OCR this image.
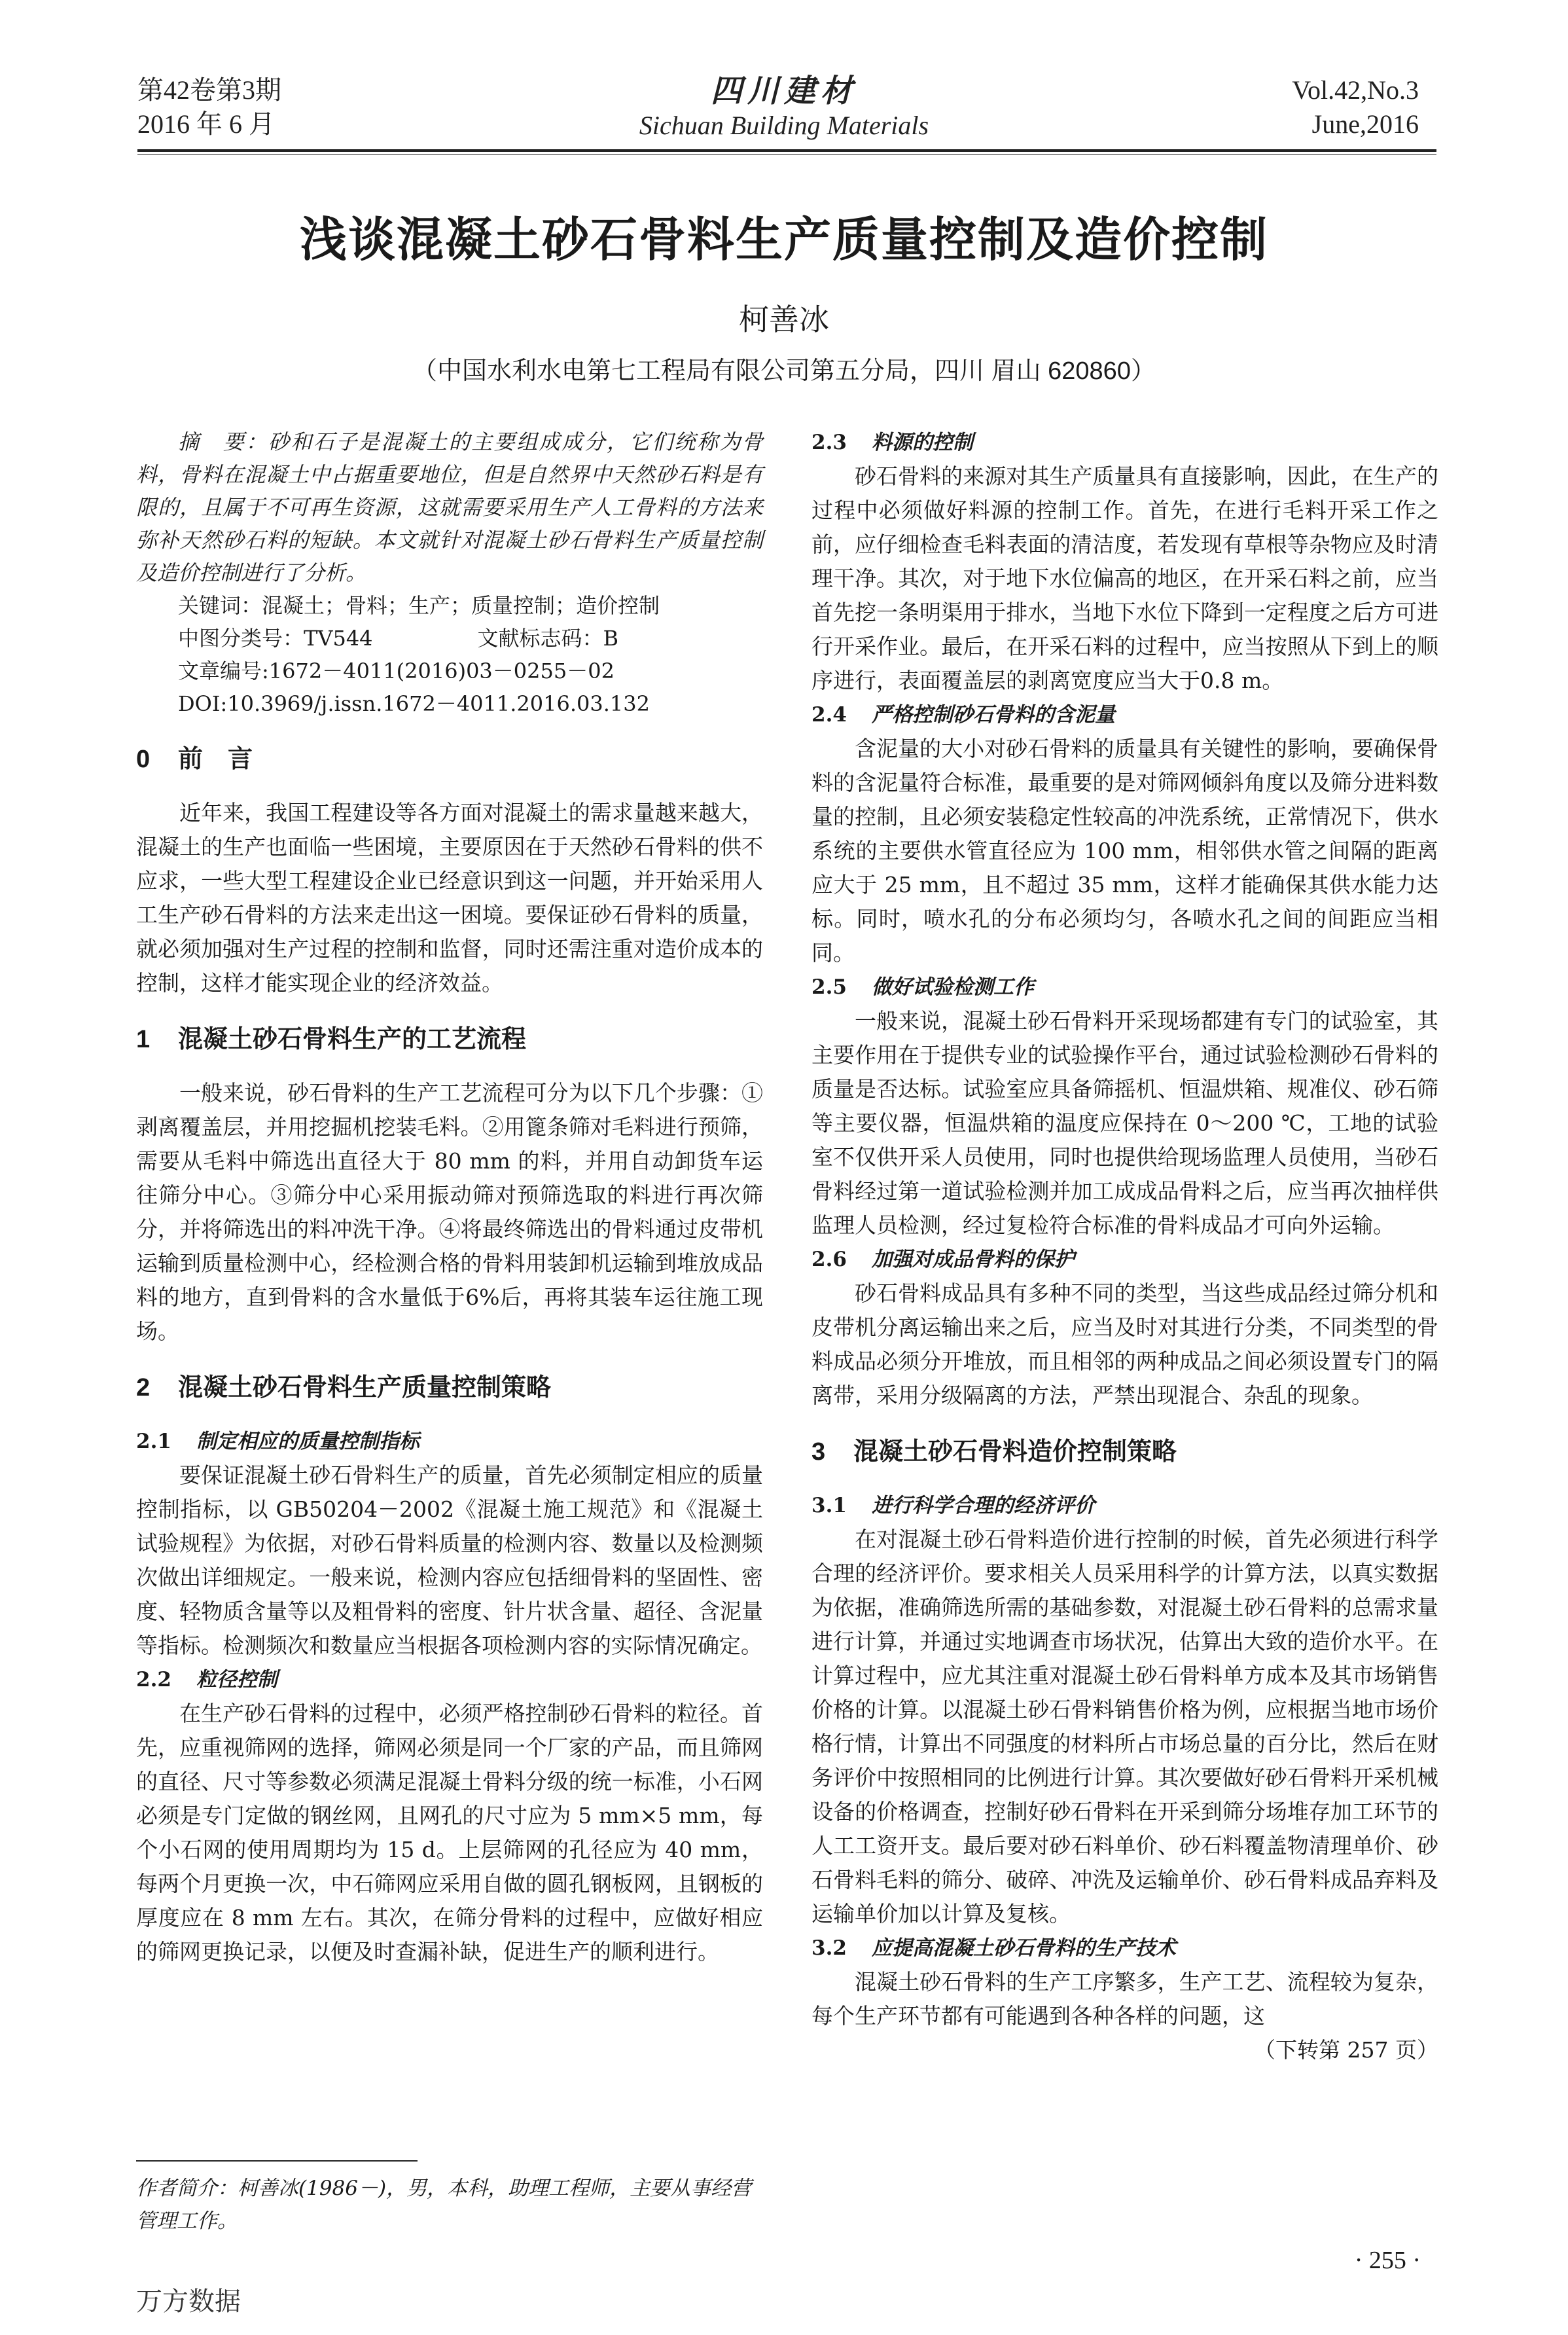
第42卷第3期
2016 年 6 月
四川建材
Sichuan Building Materials
Vol.42,No.3
June,2016
浅谈混凝土砂石骨料生产质量控制及造价控制
柯善冰
（中国水利水电第七工程局有限公司第五分局，四川 眉山 620860）

摘　要：砂和石子是混凝土的主要组成成分，它们统称为骨料，骨料在混凝土中占据重要地位，但是自然界中天然砂石料是有限的，且属于不可再生资源，这就需要采用生产人工骨料的方法来弥补天然砂石料的短缺。本文就针对混凝土砂石骨料生产质量控制及造价控制进行了分析。

关键词：混凝土；骨料；生产；质量控制；造价控制

中图分类号：TV544	文献标志码：B

文章编号:1672－4011(2016)03－0255－02

DOI:10.3969/j.issn.1672－4011.2016.03.132

0 前　言

近年来，我国工程建设等各方面对混凝土的需求量越来越大，混凝土的生产也面临一些困境，主要原因在于天然砂石骨料的供不应求，一些大型工程建设企业已经意识到这一问题，并开始采用人工生产砂石骨料的方法来走出这一困境。要保证砂石骨料的质量，就必须加强对生产过程的控制和监督，同时还需注重对造价成本的控制，这样才能实现企业的经济效益。

1 混凝土砂石骨料生产的工艺流程

一般来说，砂石骨料的生产工艺流程可分为以下几个步骤：①剥离覆盖层，并用挖掘机挖装毛料。②用篦条筛对毛料进行预筛，需要从毛料中筛选出直径大于 80 mm 的料，并用自动卸货车运往筛分中心。③筛分中心采用振动筛对预筛选取的料进行再次筛分，并将筛选出的料冲洗干净。④将最终筛选出的骨料通过皮带机运输到质量检测中心，经检测合格的骨料用装卸机运输到堆放成品料的地方，直到骨料的含水量低于6%后，再将其装车运往施工现场。

2 混凝土砂石骨料生产质量控制策略
2.1 制定相应的质量控制指标

要保证混凝土砂石骨料生产的质量，首先必须制定相应的质量控制指标，以 GB50204－2002《混凝土施工规范》和《混凝土试验规程》为依据，对砂石骨料质量的检测内容、数量以及检测频次做出详细规定。一般来说，检测内容应包括细骨料的坚固性、密度、轻物质含量等以及粗骨料的密度、针片状含量、超径、含泥量等指标。检测频次和数量应当根据各项检测内容的实际情况确定。

2.2 粒径控制

在生产砂石骨料的过程中，必须严格控制砂石骨料的粒径。首先，应重视筛网的选择，筛网必须是同一个厂家的产品，而且筛网的直径、尺寸等参数必须满足混凝土骨料分级的统一标准，小石网必须是专门定做的钢丝网，且网孔的尺寸应为 5 mm×5 mm，每个小石网的使用周期均为 15 d。上层筛网的孔径应为 40 mm，每两个月更换一次，中石筛网应采用自做的圆孔钢板网，且钢板的厚度应在 8 mm 左右。其次，在筛分骨料的过程中，应做好相应的筛网更换记录，以便及时查漏补缺，促进生产的顺利进行。

2.3 料源的控制

砂石骨料的来源对其生产质量具有直接影响，因此，在生产的过程中必须做好料源的控制工作。首先，在进行毛料开采工作之前，应仔细检查毛料表面的清洁度，若发现有草根等杂物应及时清理干净。其次，对于地下水位偏高的地区，在开采石料之前，应当首先挖一条明渠用于排水，当地下水位下降到一定程度之后方可进行开采作业。最后，在开采石料的过程中，应当按照从下到上的顺序进行，表面覆盖层的剥离宽度应当大于0.8 m。

2.4 严格控制砂石骨料的含泥量

含泥量的大小对砂石骨料的质量具有关键性的影响，要确保骨料的含泥量符合标准，最重要的是对筛网倾斜角度以及筛分进料数量的控制，且必须安装稳定性较高的冲洗系统，正常情况下，供水系统的主要供水管直径应为 100 mm，相邻供水管之间隔的距离应大于 25 mm，且不超过 35 mm，这样才能确保其供水能力达标。同时，喷水孔的分布必须均匀，各喷水孔之间的间距应当相同。

2.5 做好试验检测工作

一般来说，混凝土砂石骨料开采现场都建有专门的试验室，其主要作用在于提供专业的试验操作平台，通过试验检测砂石骨料的质量是否达标。试验室应具备筛摇机、恒温烘箱、规准仪、砂石筛等主要仪器，恒温烘箱的温度应保持在 0～200 ℃，工地的试验室不仅供开采人员使用，同时也提供给现场监理人员使用，当砂石骨料经过第一道试验检测并加工成成品骨料之后，应当再次抽样供监理人员检测，经过复检符合标准的骨料成品才可向外运输。

2.6 加强对成品骨料的保护

砂石骨料成品具有多种不同的类型，当这些成品经过筛分机和皮带机分离运输出来之后，应当及时对其进行分类，不同类型的骨料成品必须分开堆放，而且相邻的两种成品之间必须设置专门的隔离带，采用分级隔离的方法，严禁出现混合、杂乱的现象。

3 混凝土砂石骨料造价控制策略
3.1 进行科学合理的经济评价

在对混凝土砂石骨料造价进行控制的时候，首先必须进行科学合理的经济评价。要求相关人员采用科学的计算方法，以真实数据为依据，准确筛选所需的基础参数，对混凝土砂石骨料的总需求量进行计算，并通过实地调查市场状况，估算出大致的造价水平。在计算过程中，应尤其注重对混凝土砂石骨料单方成本及其市场销售价格的计算。以混凝土砂石骨料销售价格为例，应根据当地市场价格行情，计算出不同强度的材料所占市场总量的百分比，然后在财务评价中按照相同的比例进行计算。其次要做好砂石骨料开采机械设备的价格调查，控制好砂石骨料在开采到筛分场堆存加工环节的人工工资开支。最后要对砂石料单价、砂石料覆盖物清理单价、砂石骨料毛料的筛分、破碎、冲洗及运输单价、砂石骨料成品弃料及运输单价加以计算及复核。

3.2 应提高混凝土砂石骨料的生产技术

混凝土砂石骨料的生产工序繁多，生产工艺、流程较为复杂，每个生产环节都有可能遇到各种各样的问题，这

（下转第 257 页）

作者简介：柯善冰(1986－)，男，本科，助理工程师，主要从事经营管理工作。
· 255 ·
万方数据
